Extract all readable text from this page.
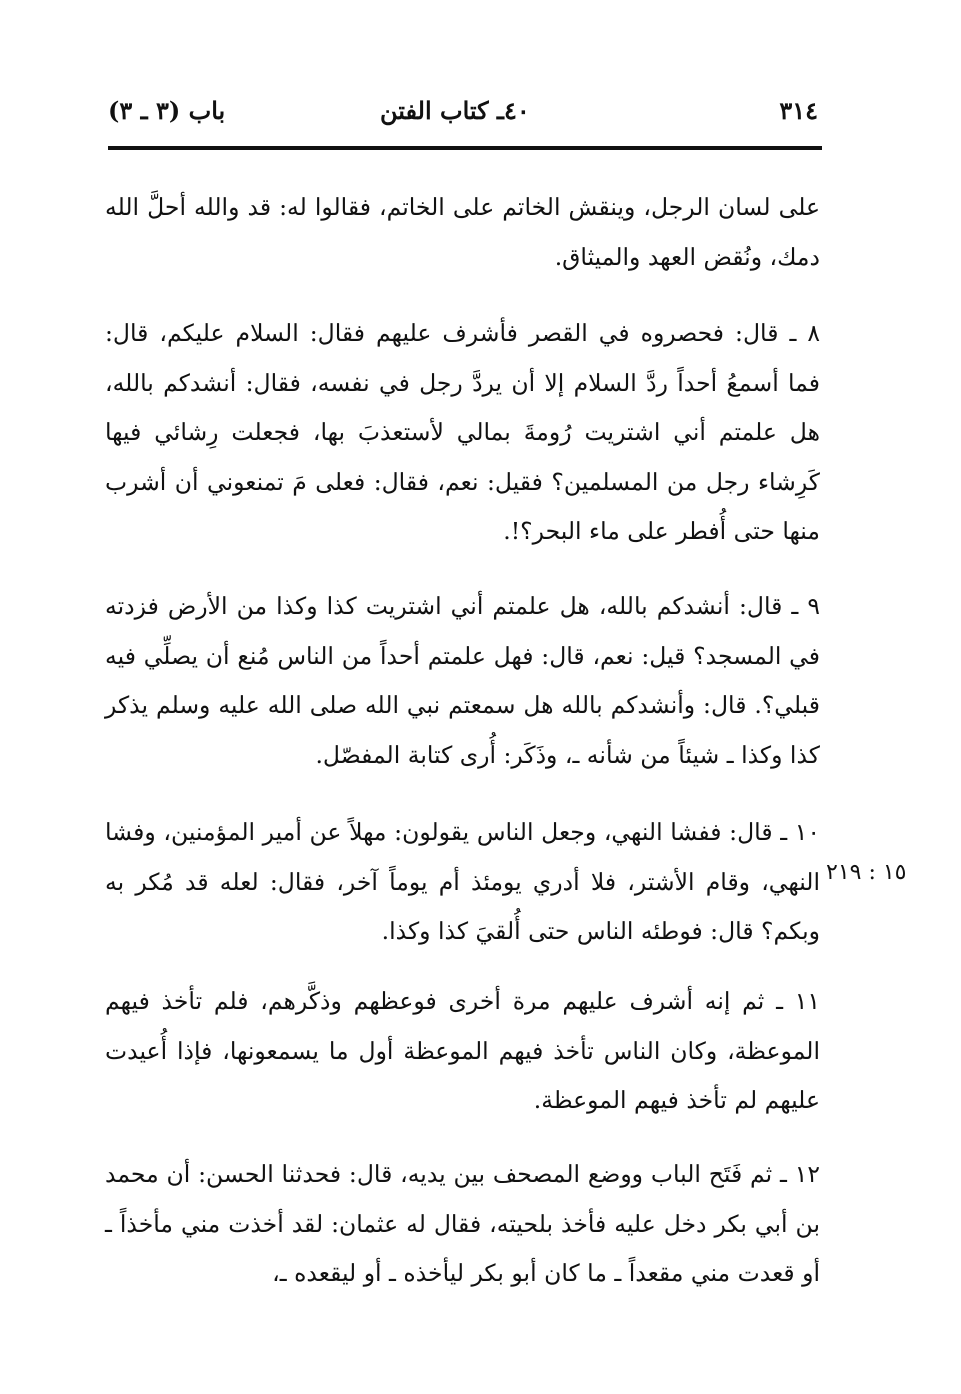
٣١٤
٤٠ـ كتاب الفتن
باب (٣ ـ ٣)

على لسان الرجل، وينقش الخاتم على الخاتم، فقالوا له: قد والله أحلَّ الله دمك، ونُقض العهد والميثاق.

٨ ـ قال: فحصروه في القصر فأشرف عليهم فقال: السلام عليكم، قال: فما أسمعُ أحداً ردَّ السلام إلا أن يردَّ رجل في نفسه، فقال: أنشدكم بالله، هل علمتم أني اشتريت رُومةَ بمالي لأستعذبَ بها، فجعلت رِشائي فيها كَرِشاء رجل من المسلمين؟ فقيل: نعم، فقال: فعلى مَ تمنعوني أن أشرب منها حتى أُفطر على ماء البحر؟!.

٩ ـ قال: أنشدكم بالله، هل علمتم أني اشتريت كذا وكذا من الأرض فزدته في المسجد؟ قيل: نعم، قال: فهل علمتم أحداً من الناس مُنع أن يصلِّي فيه قبلي؟. قال: وأنشدكم بالله هل سمعتم نبي الله صلى الله عليه وسلم يذكر كذا وكذا ـ شيئاً من شأنه ـ، وذَكَر: أُرى كتابة المفصّل.

١٠ ـ قال: ففشا النهي، وجعل الناس يقولون: مهلاً عن أمير المؤمنين، وفشا النهي، وقام الأشتر، فلا أدري يومئذ أم يوماً آخر، فقال: لعله قد مُكر به وبكم؟ قال: فوطئه الناس حتى أُلقيَ كذا وكذا.

١١ ـ ثم إنه أشرف عليهم مرة أخرى فوعظهم وذكَّرهم، فلم تأخذ فيهم الموعظة، وكان الناس تأخذ فيهم الموعظة أول ما يسمعونها، فإذا أُعيدت عليهم لم تأخذ فيهم الموعظة.

١٢ ـ ثم فَتَح الباب ووضع المصحف بين يديه، قال: فحدثنا الحسن: أن محمد بن أبي بكر دخل عليه فأخذ بلحيته، فقال له عثمان: لقد أخذت مني مأخذاً ـ أو قعدت مني مقعداً ـ ما كان أبو بكر ليأخذه ـ أو ليقعده ـ،

١٥ : ٢١٩
